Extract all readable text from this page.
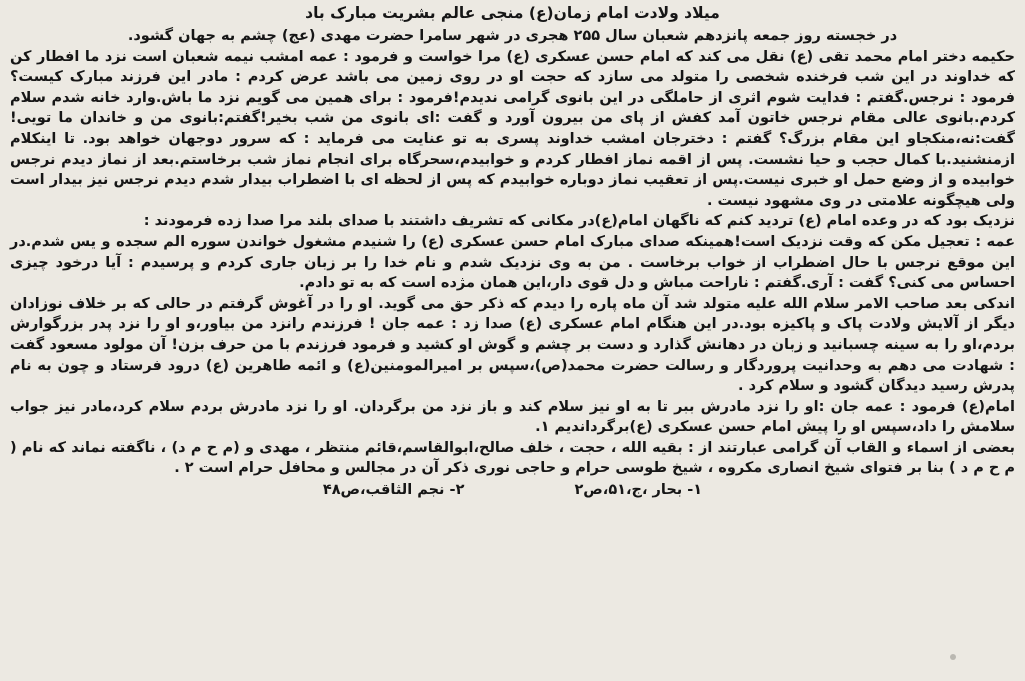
میلاد ولادت امام زمان(ع) منجی عالم بشریت مبارک باد

در خجسته روز جمعه پانزدهم شعبان سال ۲۵۵ هجری در شهر سامرا حضرت مهدی (عج) چشم به جهان گشود.

حکیمه دختر امام محمد تقی (ع) نقل می کند که امام حسن عسکری (ع) مرا خواست و فرمود : عمه امشب نیمه شعبان است نزد ما افطار کن که خداوند در این شب فرخنده شخصی را متولد می سازد که حجت او در روی زمین می باشد عرض کردم : مادر این فرزند مبارک کیست؟ فرمود : نرجس.گفتم : فدایت شوم اثری از حاملگی در این بانوی گرامی ندیدم!فرمود : برای همین می گویم نزد ما باش.وارد خانه شدم سلام کردم.بانوی عالی مقام نرجس خاتون آمد کفش از پای من بیرون آورد و گفت :ای بانوی من شب بخیر!گفتم:بانوی من و خاندان ما تویی!گفت:نه،منکجاو این مقام بزرگ؟ گفتم : دخترجان امشب خداوند پسری به تو عنایت می فرماید : که سرور دوجهان خواهد بود. تا اینکلام ازمنشنید.با کمال حجب و حیا نشست. پس از اقمه نماز افطار کردم و خوابیدم،سحرگاه برای انجام نماز شب برخاستم.بعد از نماز دیدم نرجس خوابیده و از وضع حمل او خبری نیست.پس از تعقیب نماز دوباره خوابیدم که پس از لحظه ای با اضطراب بیدار شدم دیدم نرجس نیز بیدار است ولی هیچگونه علامتی در وی مشهود نیست .

نزدیک بود که در وعده امام (ع) تردید کنم که ناگهان امام(ع)در مکانی که تشریف داشتند با صدای بلند مرا صدا زده فرمودند :

عمه : تعجیل مکن که وقت نزدیک است!همینکه صدای مبارک امام حسن عسکری (ع) را شنیدم مشغول خواندن سوره الم سجده و یس شدم.در این موقع نرجس با حال اضطراب از خواب برخاست . من به وی نزدیک شدم و نام خدا را بر زبان جاری کردم و پرسیدم : آیا درخود چیزی احساس می کنی؟ گفت : آری.گفتم : ناراحت مباش و دل قوی دار،این همان مژده است که به تو دادم.

اندکی بعد صاحب الامر سلام الله علیه متولد شد آن ماه پاره را دیدم که ذکر حق می گوید. او را در آغوش گرفتم در حالی که بر خلاف نوزادان دیگر از آلایش ولادت پاک و پاکیزه بود.در این هنگام امام عسکری (ع) صدا زد : عمه جان ! فرزندم رانزد من بیاور،و او را نزد پدر بزرگوارش بردم،او را به سینه چسبانید و زبان در دهانش گذارد و دست بر چشم و گوش او کشید و فرمود فرزندم با من حرف بزن! آن مولود مسعود گفت : شهادت می دهم به وحدانیت پروردگار و رسالت حضرت محمد(ص)،سپس بر امیرالمومنین(ع) و ائمه طاهرین (ع) درود فرستاد و چون به نام پدرش رسید دیدگان گشود و سلام کرد .

امام(ع) فرمود : عمه جان :او را نزد مادرش ببر تا به او نیز سلام کند و باز نزد من برگردان. او را نزد مادرش بردم سلام کرد،مادر نیز جواب سلامش را داد،سپس او را پیش امام حسن عسکری (ع)برگرداندیم ۱.

بعضی از اسماء و القاب آن گرامی عبارتند از : بقیه الله ، حجت ، خلف صالح،ابوالقاسم،قائم منتظر ، مهدی و (م ح م د) ، ناگفته نماند که نام ( م ح م د ) بنا بر فتوای شیخ انصاری مکروه ، شیخ طوسی حرام و حاجی نوری ذکر آن در مجالس و محافل حرام است ۲ .

۱- بحار ،ج،۵۱،ص۲
۲- نجم الثاقب،ص۴۸
